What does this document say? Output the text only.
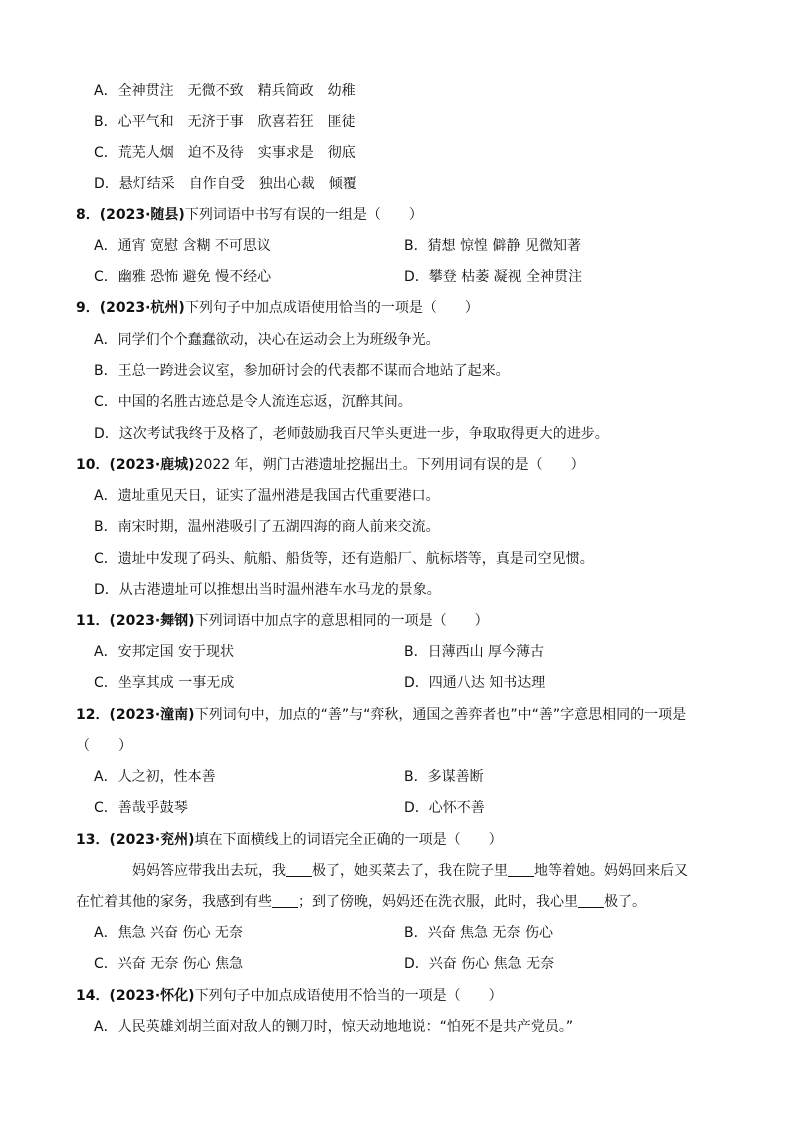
A．全神贯注　无微不致　精兵简政　幼稚
B．心平气和　无济于事　欣喜若狂　匪徒
C．荒芜人烟　迫不及待　实事求是　彻底
D．悬灯结采　自作自受　独出心裁　倾覆
8．(2023·随县)下列词语中书写有误的一组是（　　）
A．通宵 宽慰 含糊 不可思议	B．猜想 惊惶 僻静 见微知著
C．幽雅 恐怖 避免 慢不经心	D．攀登 枯萎 凝视 全神贯注
9．(2023·杭州)下列句子中加点成语使用恰当的一项是（　　）
A．同学们个个蠢蠢欲动，决心在运动会上为班级争光。
B．王总一跨进会议室，参加研讨会的代表都不谋而合地站了起来。
C．中国的名胜古迹总是令人流连忘返，沉醉其间。
D．这次考试我终于及格了，老师鼓励我百尺竿头更进一步，争取取得更大的进步。
10．(2023·鹿城)2022 年，朔门古港遗址挖掘出土。下列用词有误的是（　　）
A．遗址重见天日，证实了温州港是我国古代重要港口。
B．南宋时期，温州港吸引了五湖四海的商人前来交流。
C．遗址中发现了码头、航船、船货等，还有造船厂、航标塔等，真是司空见惯。
D．从古港遗址可以推想出当时温州港车水马龙的景象。
11．(2023·舞钢)下列词语中加点字的意思相同的一项是（　　）
A．安邦定国 安于现状	B．日薄西山 厚今薄古
C．坐享其成 一事无成	D．四通八达 知书达理
12．(2023·潼南)下列词句中，加点的“善”与“弈秋，通国之善弈者也”中“善”字意思相同的一项是
（　　）
A．人之初，性本善	B．多谋善断
C．善哉乎鼓琴	D．心怀不善
13．(2023·兖州)填在下面横线上的词语完全正确的一项是（　　）
妈妈答应带我出去玩，我 极了，她买菜去了，我在院子里 地等着她。妈妈回来后又
在忙着其他的家务，我感到有些 ；到了傍晚，妈妈还在洗衣服，此时，我心里 极了。
A．焦急 兴奋 伤心 无奈	B．兴奋 焦急 无奈 伤心
C．兴奋 无奈 伤心 焦急	D．兴奋 伤心 焦急 无奈
14．(2023·怀化)下列句子中加点成语使用不恰当的一项是（　　）
A．人民英雄刘胡兰面对敌人的铡刀时，惊天动地地说：“怕死不是共产党员。”
